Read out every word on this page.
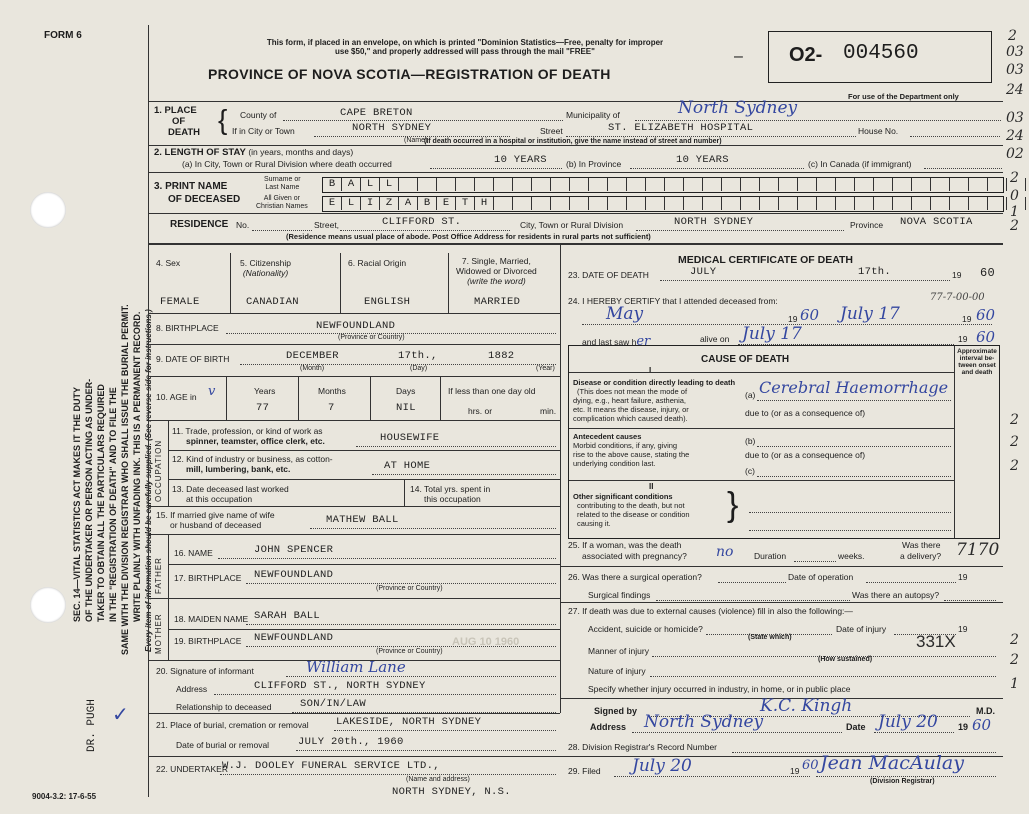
FORM 6
SEC. 14—VITAL STATISTICS ACT MAKES IT THE DUTY OF THE UNDERTAKER OR PERSON ACTING AS UNDER- TAKER TO OBTAIN ALL THE PARTICULARS REQUIRED IN THE "REGISTRATION OF DEATH" AND TO FILE THE SAME WITH THE DIVISION REGISTRAR WHO SHALL ISSUE THE BURIAL PERMIT. WRITE PLAINLY WITH UNFADING INK. THIS IS A PERMANENT RECORD. Every item of information should be carefully supplied. (See reverse side for instructions.)
DR. PUGH ✓
9004-3.2: 17-6-55
This form, if placed in an envelope, on which is printed "Dominion Statistics—Free, penalty for improper
use $50," and properly addressed will pass through the mail "FREE"
PROVINCE OF NOVA SCOTIA—REGISTRATION OF DEATH
– O2- 004560
For use of the Department only
2
03
03
24
03
24
02
2
0
1
2
2
2
2
2
2
1
1. PLACE
OF
DEATH { County of	CAPE BRETON	Municipality of	North Sydney
If in City or Town	NORTH SYDNEY
(Name)
Street	ST. ELIZABETH HOSPITAL	House No.
(If death occurred in a hospital or institution, give the name instead of street and number)
2. LENGTH OF STAY (in years, months and days)
(a) In City, Town or Rural Division where death occurred	10 YEARS (b) In Province	10 YEARS	(c) In Canada (if immigrant)
3. PRINT NAME
OF DECEASED
Surname or
Last Name
All Given or
Christian Names
B	A	L	L
E	L	I	Z	A	B	E	T	H
RESIDENCE No.	CLIFFORD ST.
Street,	City, Town or Rural Division	NORTH SYDNEY	Province NOVA SCOTIA
(Residence means usual place of abode. Post Office Address for residents in rural parts not sufficient)
4. Sex	5. Citizenship
(Nationality)
6. Racial Origin	7. Single, Married,
Widowed or Divorced
(write the word)
FEMALE	CANADIAN	ENGLISH	MARRIED
8. BIRTHPLACE	NEWFOUNDLAND
(Province or Country)
9. DATE OF BIRTH	DECEMBER	17th.,	1882
(Month)	(Day)	(Year)
10. AGE in v	Years	Months	Days
77	7	NIL
If less than one day old
hrs. or	min.
OCCUPATION
11. Trade, profession, or kind of work as
spinner, teamster, office clerk, etc.	HOUSEWIFE
12. Kind of industry or business, as cotton-
mill, lumbering, bank, etc.	AT HOME
13. Date deceased last worked
at this occupation
14. Total yrs. spent in
this occupation
15. If married give name of wife
or husband of deceased	MATHEW BALL
FATHER
MOTHER
16. NAME	JOHN SPENCER
17. BIRTHPLACE NEWFOUNDLAND
(Province or Country)
18. MAIDEN NAME SARAH BALL
19. BIRTHPLACE NEWFOUNDLAND
(Province or Country)
20. Signature of informant	William Lane
Address	CLIFFORD ST., NORTH SYDNEY
Relationship to deceased	SON/IN/LAW
21. Place of burial, cremation or removal	LAKESIDE, NORTH SYDNEY
Date of burial or removal	JULY 20th., 1960
22. UNDERTAKER
W.J. DOOLEY FUNERAL SERVICE LTD.,
(Name and address)
NORTH SYDNEY, N.S.
MEDICAL CERTIFICATE OF DEATH
23. DATE OF DEATH	JULY	17th.	19 60
24. I HEREBY CERTIFY that I attended deceased from:	77-7-00-00
May	19 60 July 17	19 60
and last saw her	alive on July 17	19 60
CAUSE OF DEATH
I
Approximate
interval be-
tween onset
and death
Disease or condition directly leading to death
(This does not mean the mode of
dying, e.g., heart failure, asthenia,
etc. It means the disease, injury, or
complication which caused death).
(a) Cerebral Haemorrhage
due to (or as a consequence of)
Antecedent causes
Morbid conditions, if any, giving
rise to the above cause, stating the
underlying condition last.
(b)
due to (or as a consequence of)
(c)
II
Other significant conditions
contributing to the death, but not
related to the disease or condition
causing it.	}
25. If a woman, was the death
associated with pregnancy? no Duration	weeks.
Was there
a delivery? 7170
26. Was there a surgical operation?	Date of operation	19
Surgical findings	Was there an autopsy?
27. If death was due to external causes (violence) fill in also the following:—
Accident, suicide or homicide?
(State which)
Date of injury	19
Manner of injury	331X
(How sustained)
Nature of injury
Specify whether injury occurred in industry, in home, or in public place
Signed by	K.C. Kingh	M.D.
Address North Sydney	Date July 20 19 60
28. Division Registrar's Record Number
29. Filed July 20	19 60 Jean MacAulay
(Division Registrar)
AUG 10 1960
